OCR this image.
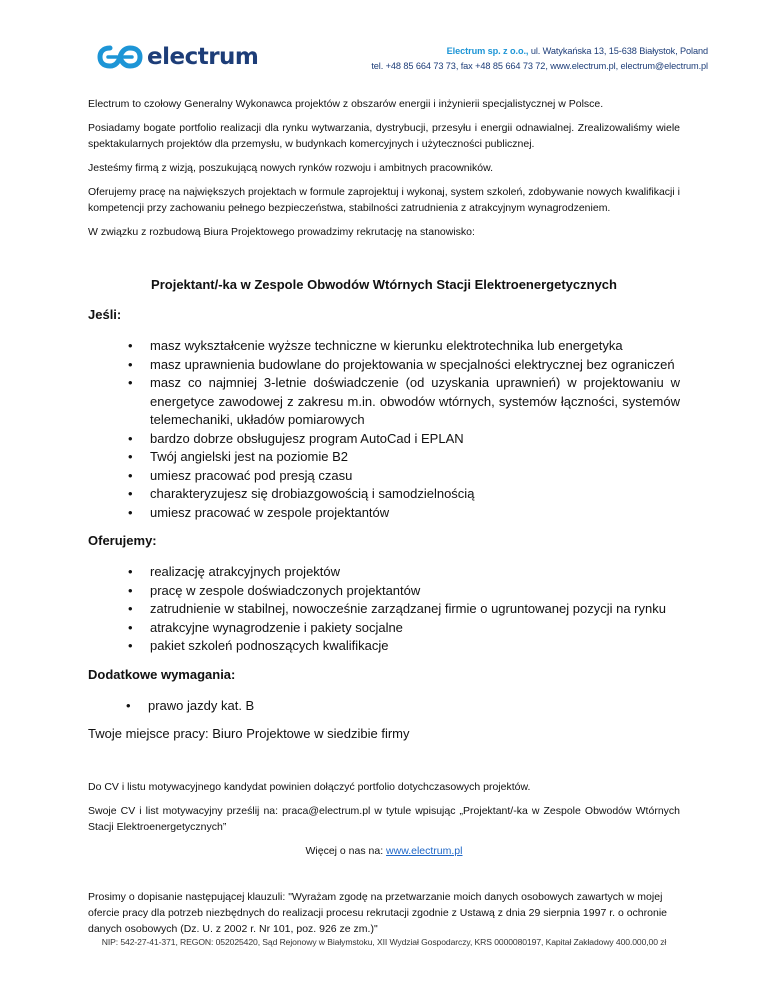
electrum	Electrum sp. z o.o., ul. Watykańska 13, 15-638 Białystok, Poland
tel. +48 85 664 73 73, fax +48 85 664 73 72, www.electrum.pl, electrum@electrum.pl

Electrum to czołowy Generalny Wykonawca projektów z obszarów energii i inżynierii specjalistycznej w Polsce.

Posiadamy bogate portfolio realizacji dla rynku wytwarzania, dystrybucji, przesyłu i energii odnawialnej. Zrealizowaliśmy wiele spektakularnych projektów dla przemysłu, w budynkach komercyjnych i użyteczności publicznej.

Jesteśmy firmą z wizją, poszukującą nowych rynków rozwoju i ambitnych pracowników.

Oferujemy pracę na największych projektach w formule zaprojektuj i wykonaj, system szkoleń, zdobywanie nowych kwalifikacji i kompetencji przy zachowaniu pełnego bezpieczeństwa, stabilności zatrudnienia z atrakcyjnym wynagrodzeniem.

W związku z rozbudową Biura Projektowego prowadzimy rekrutację na stanowisko:

Projektant/-ka w Zespole Obwodów Wtórnych Stacji Elektroenergetycznych
Jeśli:
• masz wykształcenie wyższe techniczne w kierunku elektrotechnika lub energetyka
• masz uprawnienia budowlane do projektowania w specjalności elektrycznej bez ograniczeń
• masz co najmniej 3-letnie doświadczenie (od uzyskania uprawnień) w projektowaniu w energetyce zawodowej z zakresu m.in. obwodów wtórnych, systemów łączności, systemów telemechaniki, układów pomiarowych
• bardzo dobrze obsługujesz program AutoCad i EPLAN
• Twój angielski jest na poziomie B2
• umiesz pracować pod presją czasu
• charakteryzujesz się drobiazgowością i samodzielnością
• umiesz pracować w zespole projektantów
Oferujemy:
• realizację atrakcyjnych projektów
• pracę w zespole doświadczonych projektantów
• zatrudnienie w stabilnej, nowocześnie zarządzanej firmie o ugruntowanej pozycji na rynku
• atrakcyjne wynagrodzenie i pakiety socjalne
• pakiet szkoleń podnoszących kwalifikacje
Dodatkowe wymagania:
• prawo jazdy kat. B
Twoje miejsce pracy: Biuro Projektowe w siedzibie firmy

Do CV i listu motywacyjnego kandydat powinien dołączyć portfolio dotychczasowych projektów.

Swoje CV i list motywacyjny prześlij na: praca@electrum.pl w tytule wpisując „Projektant/-ka w Zespole Obwodów Wtórnych Stacji Elektroenergetycznych”

Więcej o nas na: www.electrum.pl

Prosimy o dopisanie następującej klauzuli: "Wyrażam zgodę na przetwarzanie moich danych osobowych zawartych w mojej ofercie pracy dla potrzeb niezbędnych do realizacji procesu rekrutacji zgodnie z Ustawą z dnia 29 sierpnia 1997 r. o ochronie danych osobowych (Dz. U. z 2002 r. Nr 101, poz. 926 ze zm.)"

NIP: 542-27-41-371, REGON: 052025420, Sąd Rejonowy w Białymstoku, XII Wydział Gospodarczy, KRS 0000080197, Kapitał Zakładowy 400.000,00 zł
